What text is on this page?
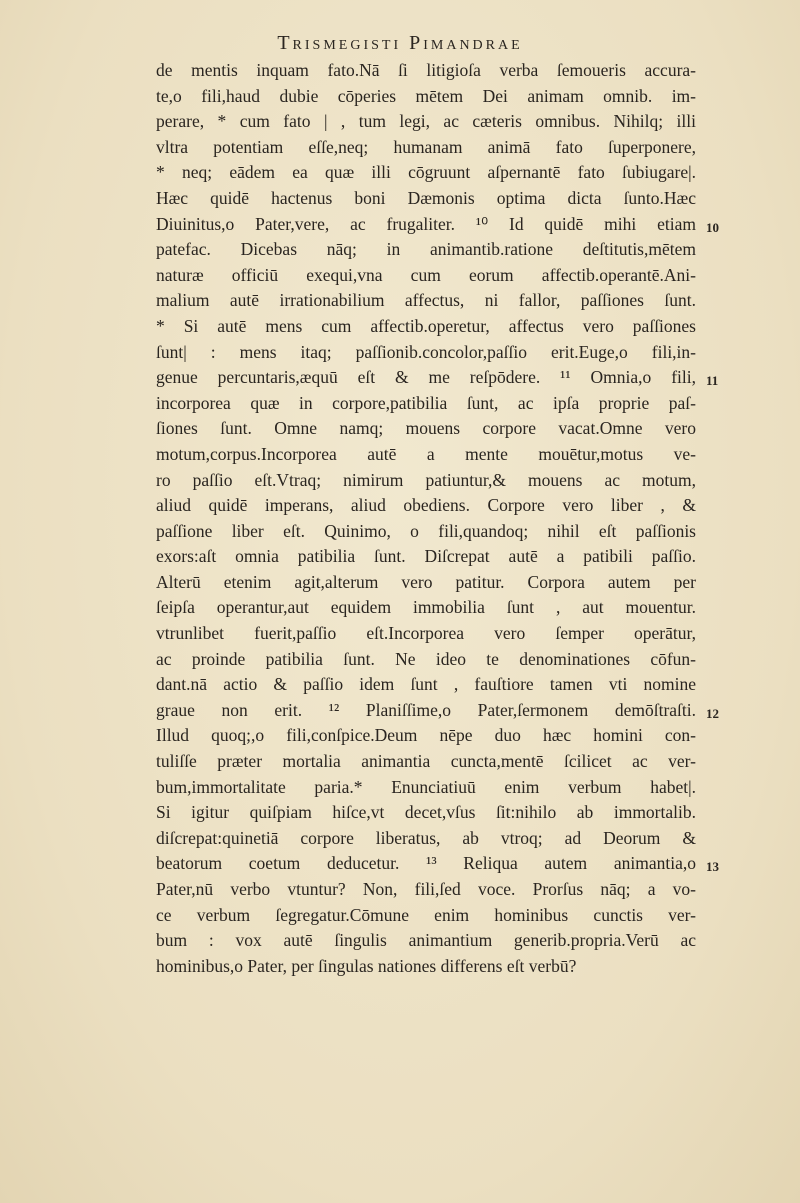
Trismegisti Pimandrae
de mentis inquam fato.Nā ſi litigioſa verba ſemoueris accura-
te,o fili,haud dubie cōperies mētem Dei animam omnib. im-
perare, * cum fato | , tum legi, ac cæteris omnibus. Nihilq; illi
vltra potentiam eſſe,neq; humanam animā fato ſuperponere,
* neq; eādem ea quæ illi cōgruunt aſpernantē fato ſubiugare|.
Hæc quidē hactenus boni Dæmonis optima dicta ſunto.Hæc
Diuinitus,o Pater,vere, ac frugaliter. ¹⁰ Id quidē mihi etiam
patefac. Dicebas nāq; in animantib.ratione deſtitutis,mētem
naturæ officiū exequi,vna cum eorum affectib.operantē.Ani-
malium autē irrationabilium affectus, ni fallor, paſſiones ſunt.
* Si autē mens cum affectib.operetur, affectus vero paſſiones
ſunt| : mens itaq; paſſionib.concolor,paſſio erit.Euge,o fili,in-
genue percuntaris,æquū eſt & me reſpōdere. ¹¹ Omnia,o fili,
incorporea quæ in corpore,patibilia ſunt, ac ipſa proprie paſ-
ſiones ſunt. Omne namq; mouens corpore vacat.Omne vero
motum,corpus.Incorporea autē a mente mouētur,motus ve-
ro paſſio eſt.Vtraq; nimirum patiuntur,& mouens ac motum,
aliud quidē imperans, aliud obediens. Corpore vero liber , &
paſſione liber eſt. Quinimo, o fili,quandoq; nihil eſt paſſionis
exors:aſt omnia patibilia ſunt. Diſcrepat autē a patibili paſſio.
Alterū etenim agit,alterum vero patitur. Corpora autem per
ſeipſa operantur,aut equidem immobilia ſunt , aut mouentur.
vtrunlibet fuerit,paſſio eſt.Incorporea vero ſemper operātur,
ac proinde patibilia ſunt. Ne ideo te denominationes cōfun-
dant.nā actio & paſſio idem ſunt , fauſtiore tamen vti nomine
graue non erit. ¹² Planiſſime,o Pater,ſermonem demōſtraſti.
Illud quoq;,o fili,conſpice.Deum nēpe duo hæc homini con-
tuliſſe præter mortalia animantia cuncta,mentē ſcilicet ac ver-
bum,immortalitate paria.* Enunciatiuū enim verbum habet|.
Si igitur quiſpiam hiſce,vt decet,vſus ſit:nihilo ab immortalib.
diſcrepat:quinetiā corpore liberatus, ab vtroq; ad Deorum &
beatorum coetum deducetur. ¹³ Reliqua autem animantia,o
Pater,nū verbo vtuntur? Non, fili,ſed voce. Prorſus nāq; a vo-
ce verbum ſegregatur.Cōmune enim hominibus cunctis ver-
bum : vox autē ſingulis animantium generib.propria.Verū ac
hominibus,o Pater, per ſingulas nationes differens eſt verbū?
10
11
12
13
